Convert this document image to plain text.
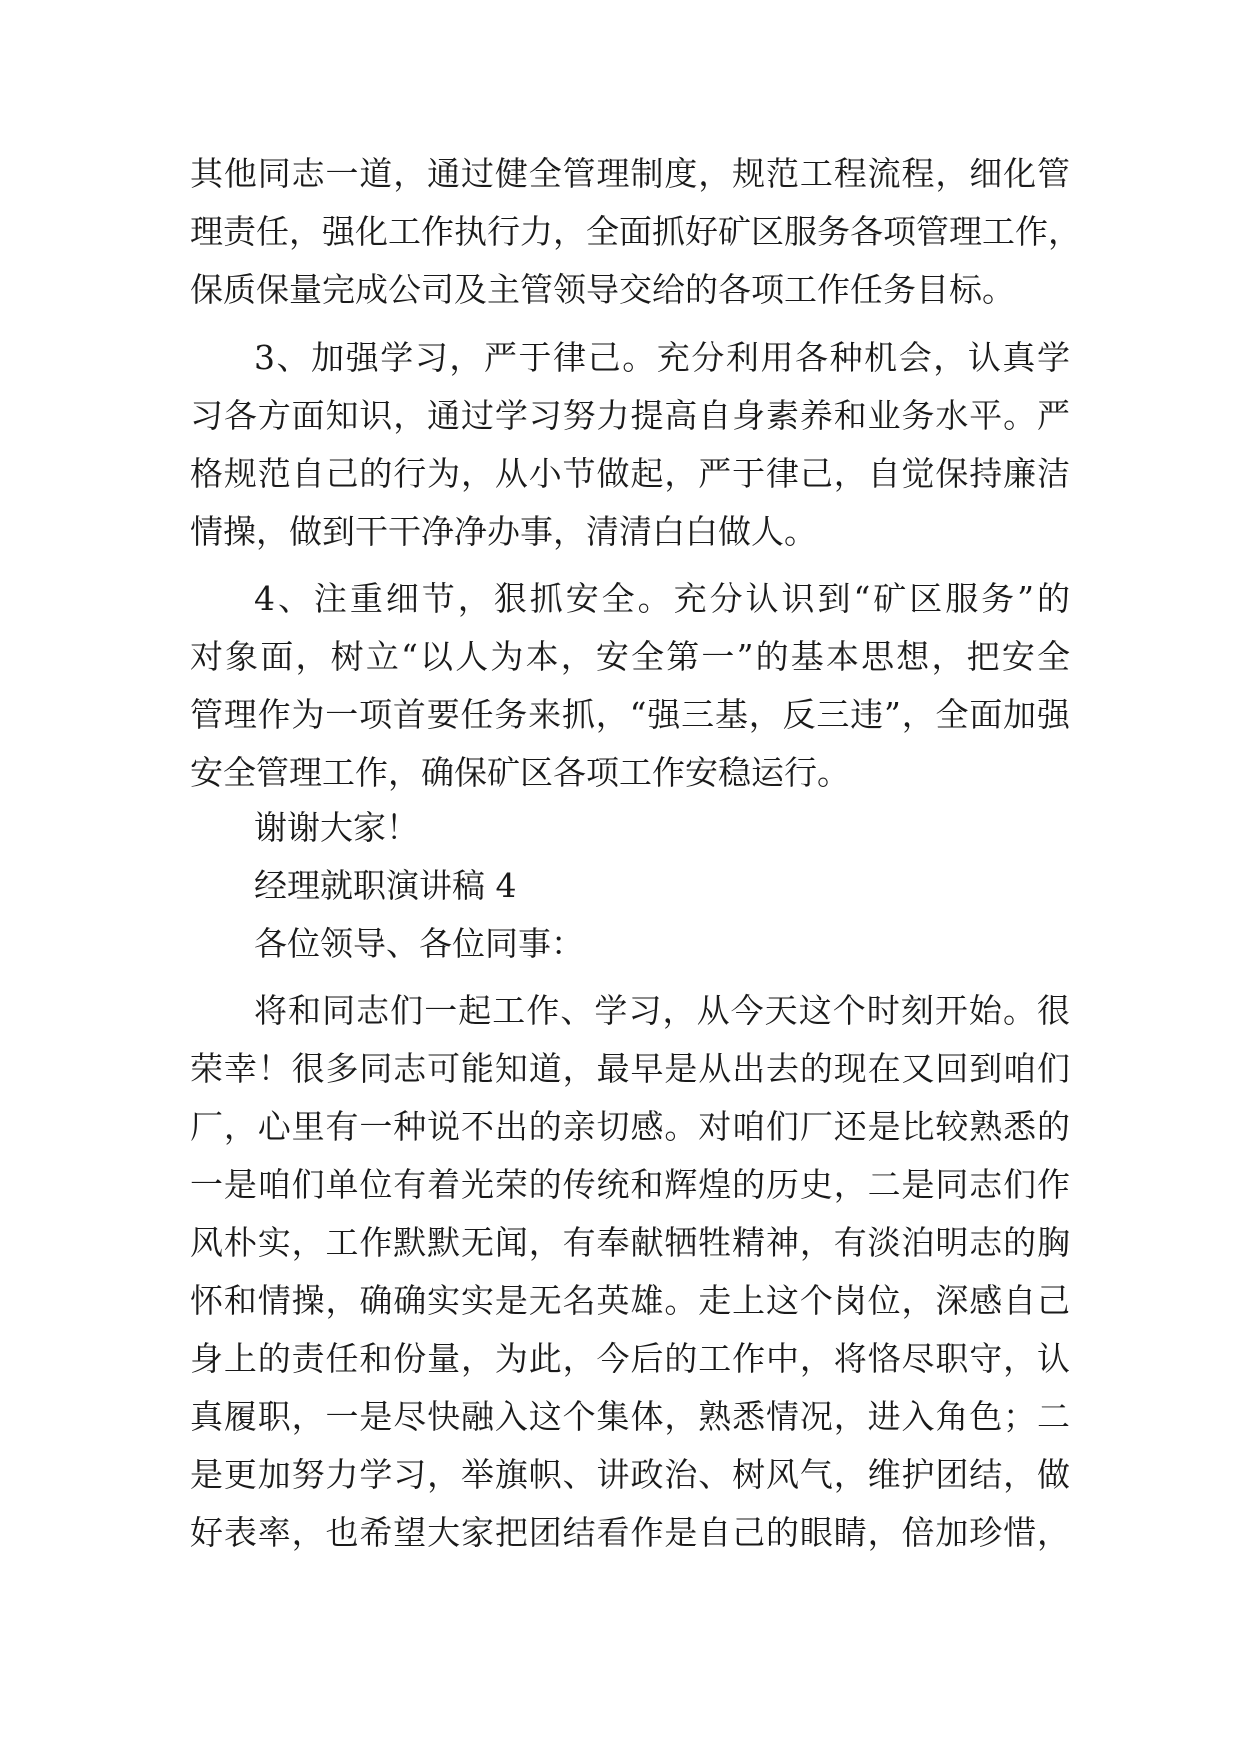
其他同志一道，通过健全管理制度，规范工程流程，细化管
理责任，强化工作执行力，全面抓好矿区服务各项管理工作，
保质保量完成公司及主管领导交给的各项工作任务目标。
3、加强学习，严于律己。充分利用各种机会，认真学
习各方面知识，通过学习努力提高自身素养和业务水平。严
格规范自己的行为，从小节做起，严于律己，自觉保持廉洁
情操，做到干干净净办事，清清白白做人。
4、注重细节，狠抓安全。充分认识到“矿区服务”的
对象面，树立“以人为本，安全第一”的基本思想，把安全
管理作为一项首要任务来抓，“强三基，反三违”，全面加强
安全管理工作，确保矿区各项工作安稳运行。
谢谢大家！
经理就职演讲稿 4
各位领导、各位同事：
将和同志们一起工作、学习，从今天这个时刻开始。很
荣幸！很多同志可能知道，最早是从出去的现在又回到咱们
厂，心里有一种说不出的亲切感。对咱们厂还是比较熟悉的
一是咱们单位有着光荣的传统和辉煌的历史，二是同志们作
风朴实，工作默默无闻，有奉献牺牲精神，有淡泊明志的胸
怀和情操，确确实实是无名英雄。走上这个岗位，深感自己
身上的责任和份量，为此，今后的工作中，将恪尽职守，认
真履职，一是尽快融入这个集体，熟悉情况，进入角色；二
是更加努力学习，举旗帜、讲政治、树风气，维护团结，做
好表率，也希望大家把团结看作是自己的眼睛，倍加珍惜，
